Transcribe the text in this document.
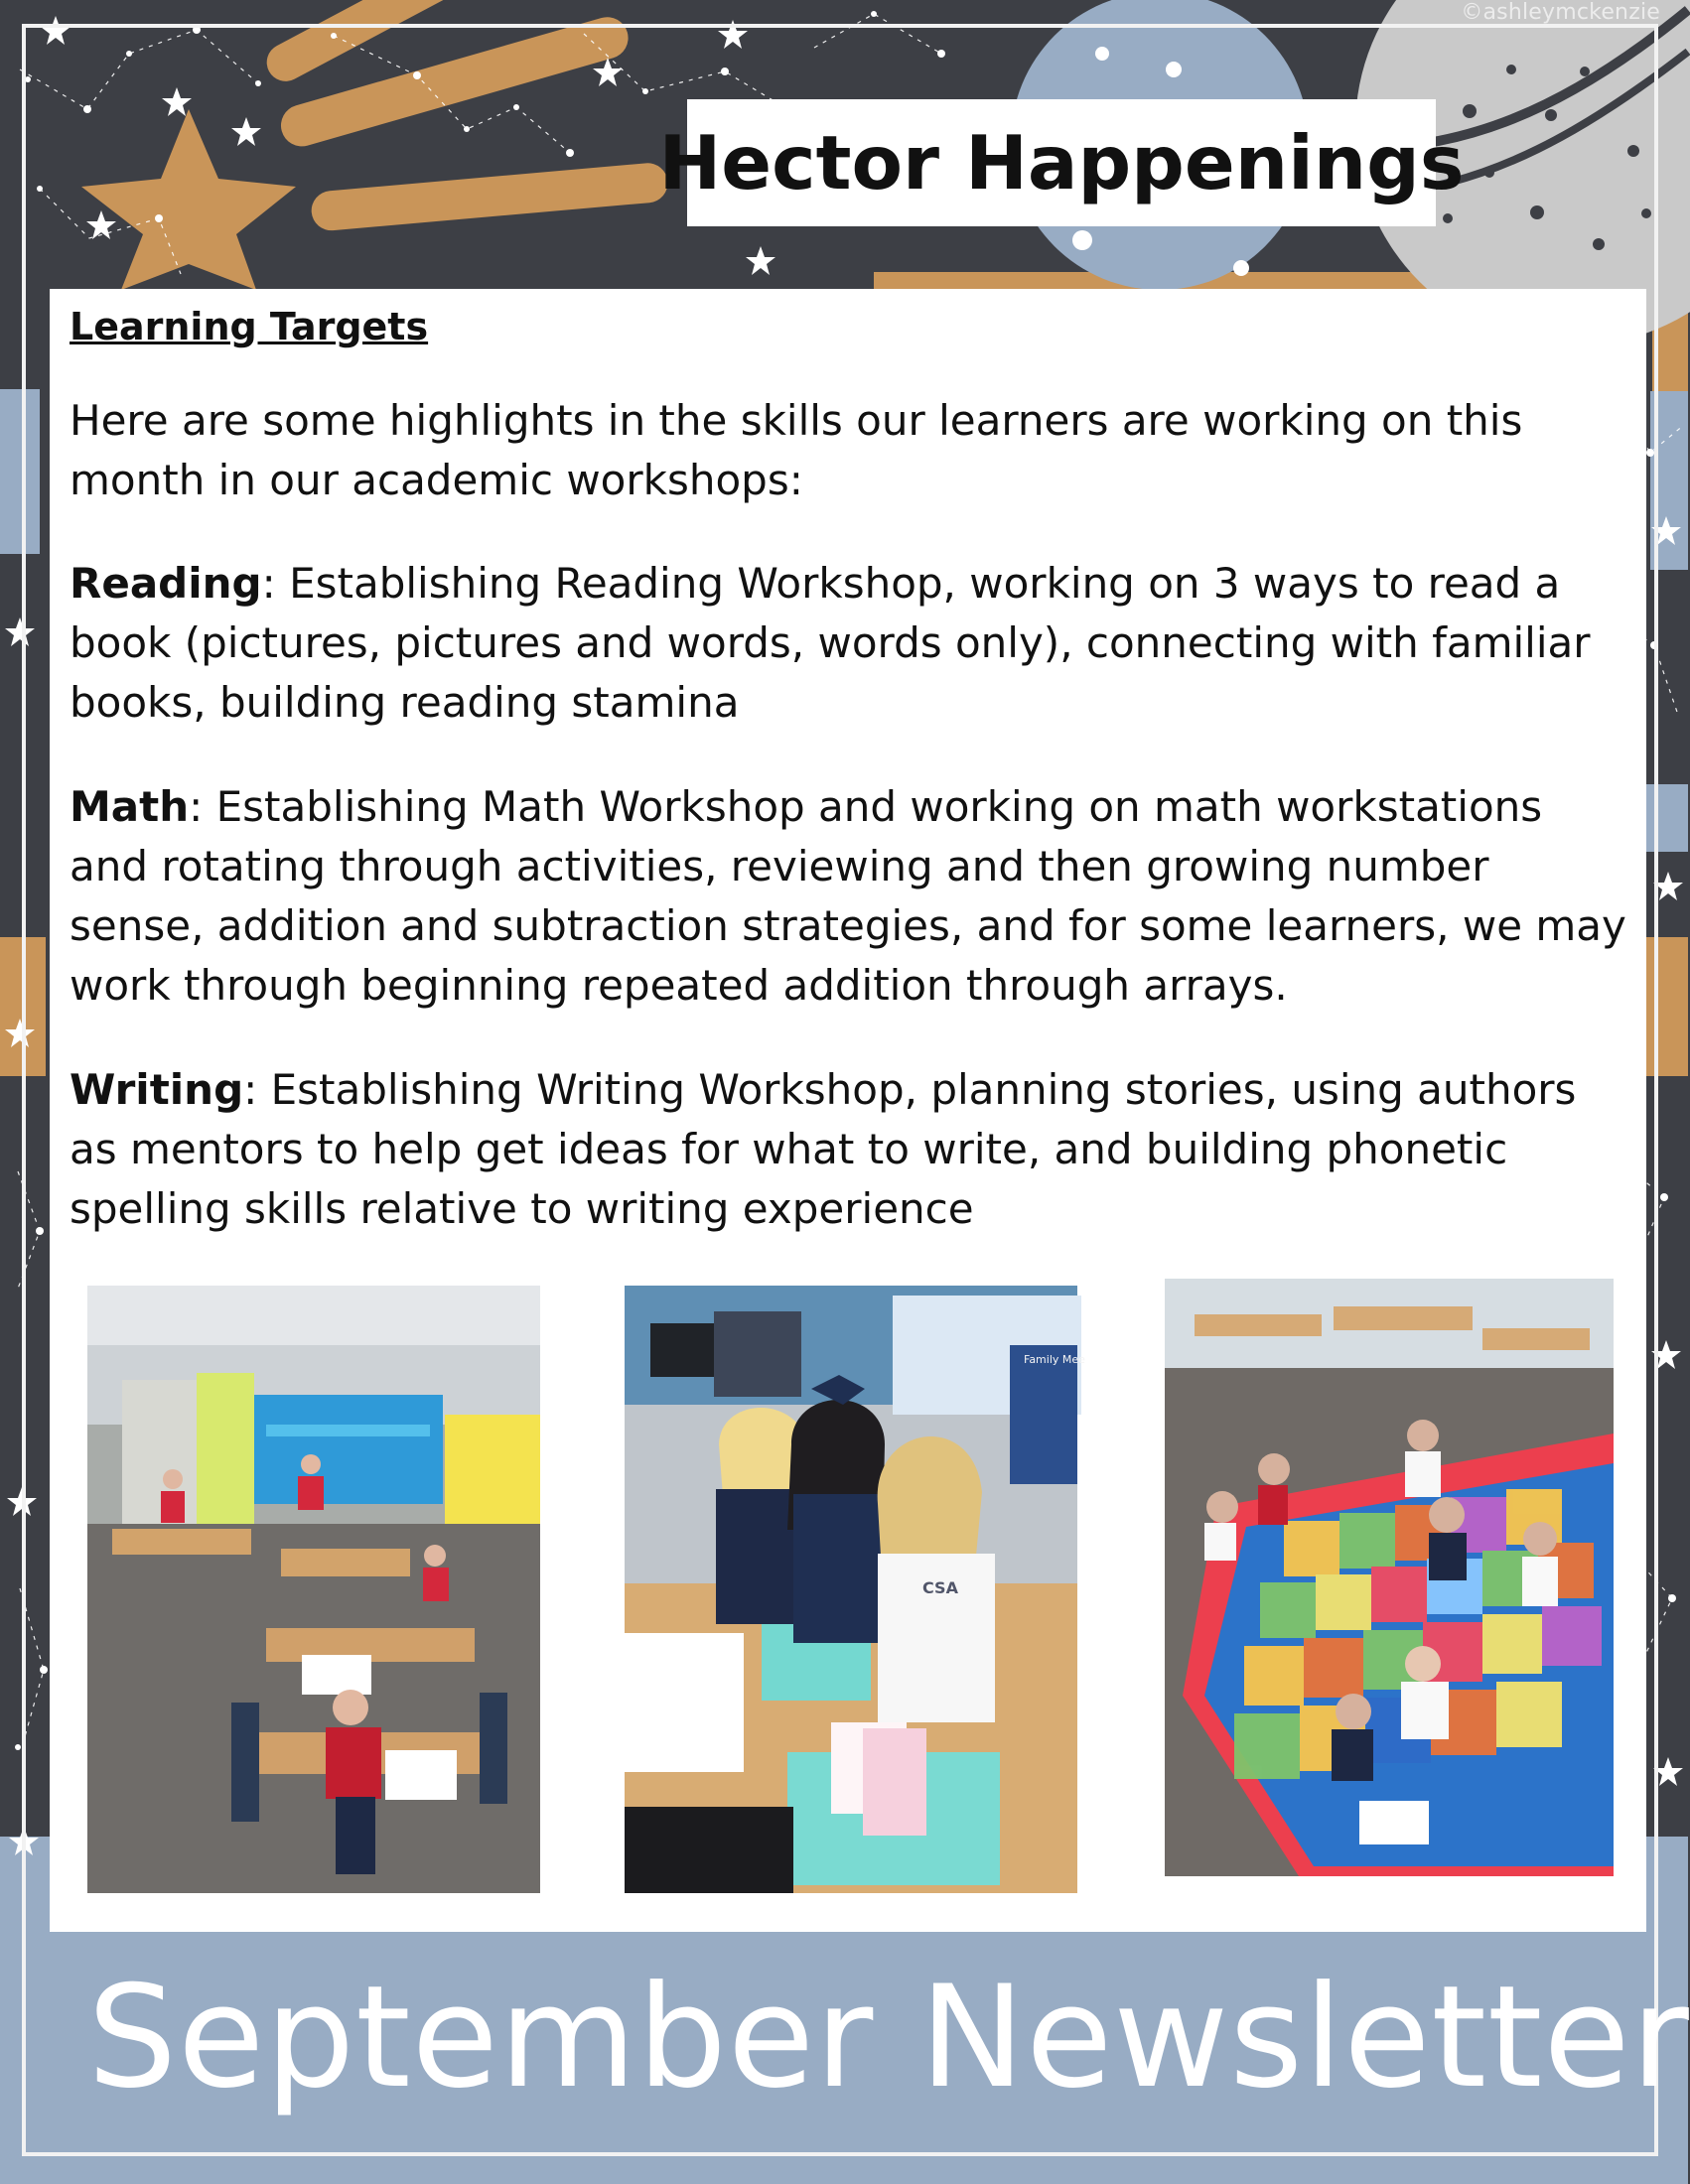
©ashleymckenzie
Hector Happenings
Learning Targets
Here are some highlights in the skills our learners are working on this month in our academic workshops:
Reading: Establishing Reading Workshop, working on 3 ways to read a book (pictures, pictures and words, words only), connecting with familiar books, building reading stamina
Math: Establishing Math Workshop and working on math workstations and rotating through activities, reviewing and then growing number sense, addition and subtraction strategies, and for some learners, we may work through beginning repeated addition through arrays.
Writing: Establishing Writing Workshop, planning stories, using authors as mentors to help get ideas for what to write, and building phonetic spelling skills relative to writing experience
Family Mee
CSA
September Newsletter
